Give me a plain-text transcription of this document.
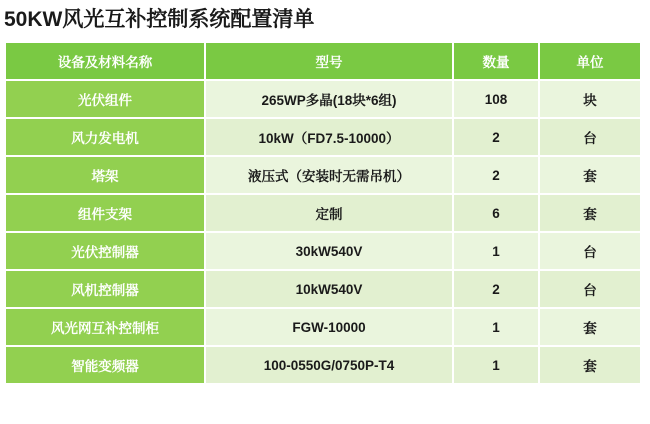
50KW风光互补控制系统配置清单
设备及材料名称	型号	数量	单位
光伏组件	265WP多晶(18块*6组)	108	块
风力发电机	10kW（FD7.5-10000）	2	台
塔架	液压式（安装时无需吊机）	2	套
组件支架	定制	6	套
光伏控制器	30kW540V	1	台
风机控制器	10kW540V	2	台
风光网互补控制柜	FGW-10000	1	套
智能变频器	100-0550G/0750P-T4	1	套
